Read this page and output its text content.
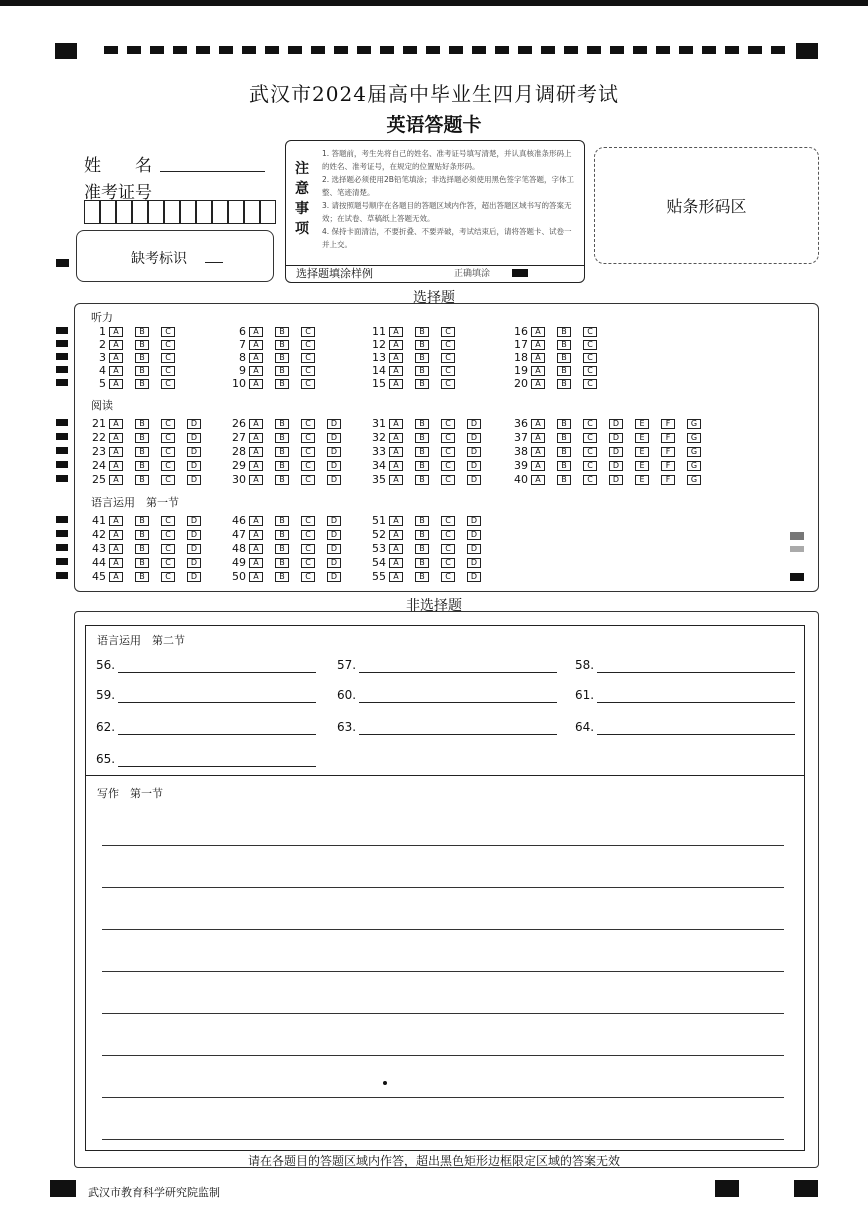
武汉市2024届高中毕业生四月调研考试
英语答题卡
姓　　名
准考证号
缺考标识
注
意
事
项
1. 答题前，考生先将自己的姓名、准考证号填写清楚，并认真核准条形码上的姓名、准考证号，在规定的位置贴好条形码。
2. 选择题必须使用2B铅笔填涂；非选择题必须使用黑色签字笔答题，字体工整、笔迹清楚。
3. 请按照题号顺序在各题目的答题区域内作答，超出答题区域书写的答案无效；在试卷、草稿纸上答题无效。
4. 保持卡面清洁，不要折叠、不要弄破，考试结束后，请将答题卡、试卷一并上交。
选择题填涂样例	正确填涂
贴条形码区
选择题
听力
阅读
语言运用　第一节
1 A	B	C
2 A	B	C
3 A	B	C
4 A	B	C
5 A	B	C
6 A	B	C
7 A	B	C
8 A	B	C
9 A	B	C
10 A	B	C
11 A	B	C
12 A	B	C
13 A	B	C
14 A	B	C
15 A	B	C
16 A	B	C
17 A	B	C
18 A	B	C
19 A	B	C
20 A	B	C
21 A	B	C	D
22 A	B	C	D
23 A	B	C	D
24 A	B	C	D
25 A	B	C	D
26 A	B	C	D
27 A	B	C	D
28 A	B	C	D
29 A	B	C	D
30 A	B	C	D
31 A	B	C	D
32 A	B	C	D
33 A	B	C	D
34 A	B	C	D
35 A	B	C	D
36 A	B	C	D	E	F	G
37 A	B	C	D	E	F	G
38 A	B	C	D	E	F	G
39 A	B	C	D	E	F	G
40 A	B	C	D	E	F	G
41 A	B	C	D
42 A	B	C	D
43 A	B	C	D
44 A	B	C	D
45 A	B	C	D
46 A	B	C	D
47 A	B	C	D
48 A	B	C	D
49 A	B	C	D
50 A	B	C	D
51 A	B	C	D
52 A	B	C	D
53 A	B	C	D
54 A	B	C	D
55 A	B	C	D
非选择题
语言运用　第二节
56.	57.	58.
59.	60.	61.
62.	63.	64.
65.
写作　第一节
请在各题目的答题区域内作答，超出黑色矩形边框限定区域的答案无效
武汉市教育科学研究院监制
